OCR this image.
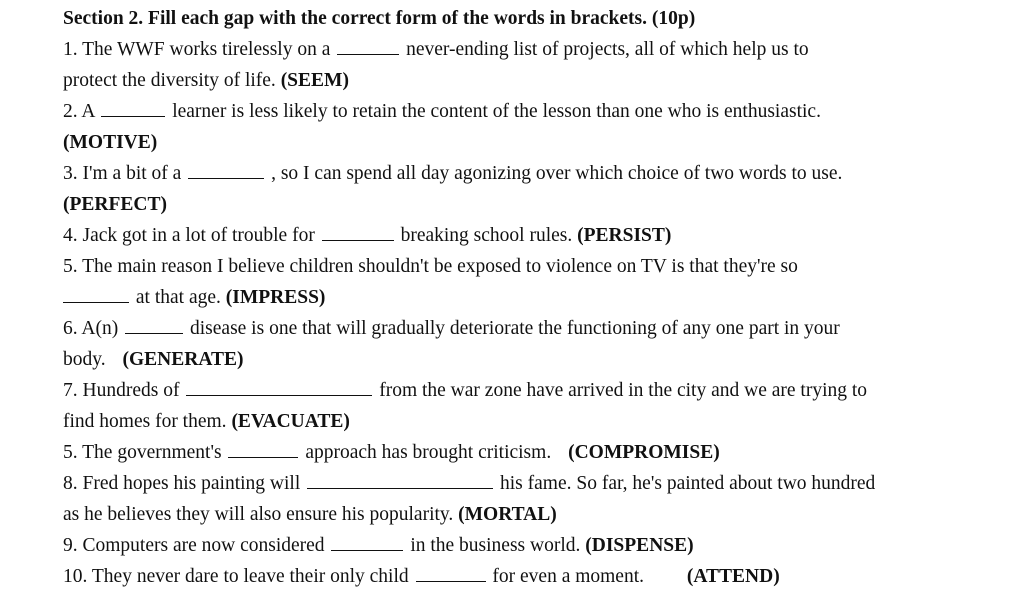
Section 2. Fill each gap with the correct form of the words in brackets. (10p)
1. The WWF works tirelessly on a	never-ending list of projects, all of which help us to
protect the diversity of life. (SEEM)
2. A	learner is less likely to retain the content of the lesson than one who is enthusiastic.
(MOTIVE)
3. I'm a bit of a	, so I can spend all day agonizing over which choice of two words to use.
(PERFECT)
4. Jack got in a lot of trouble for	breaking school rules. (PERSIST)
5. The main reason I believe children shouldn't be exposed to violence on TV is that they're so
at that age. (IMPRESS)
6. A(n)	disease is one that will gradually deteriorate the functioning of any one part in your
body. (GENERATE)
7. Hundreds of	from the war zone have arrived in the city and we are trying to
find homes for them. (EVACUATE)
5. The government's	approach has brought criticism. (COMPROMISE)
8. Fred hopes his painting will	his fame. So far, he's painted about two hundred
as he believes they will also ensure his popularity. (MORTAL)
9. Computers are now considered	in the business world. (DISPENSE)
10. They never dare to leave their only child	for even a moment. (ATTEND)
